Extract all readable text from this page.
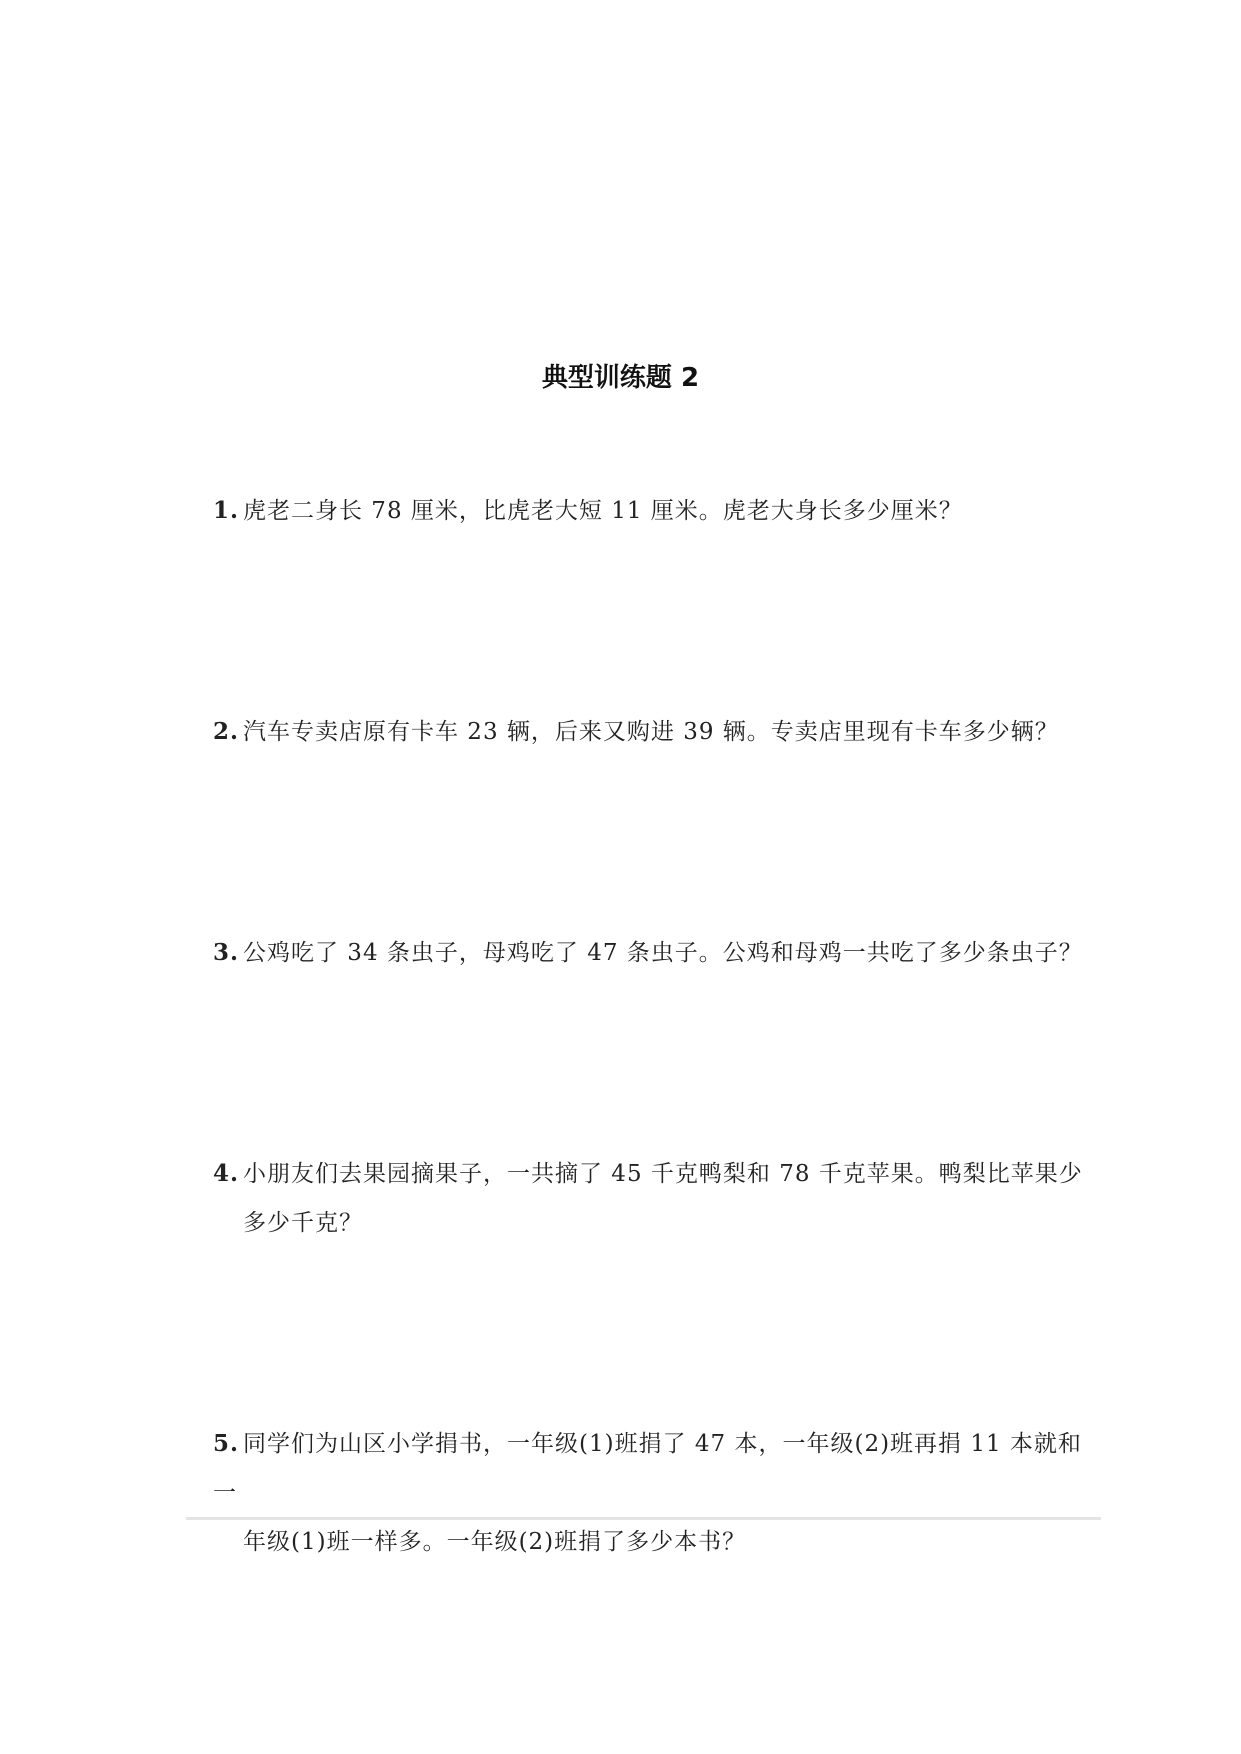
典型训练题 2
1. 虎老二身长 78 厘米，比虎老大短 11 厘米。虎老大身长多少厘米？
2. 汽车专卖店原有卡车 23 辆，后来又购进 39 辆。专卖店里现有卡车多少辆？
3. 公鸡吃了 34 条虫子，母鸡吃了 47 条虫子。公鸡和母鸡一共吃了多少条虫子？
4. 小朋友们去果园摘果子，一共摘了 45 千克鸭梨和 78 千克苹果。鸭梨比苹果少
多少千克？
5. 同学们为山区小学捐书，一年级(1)班捐了 47 本，一年级(2)班再捐 11 本就和一
年级(1)班一样多。一年级(2)班捐了多少本书？
